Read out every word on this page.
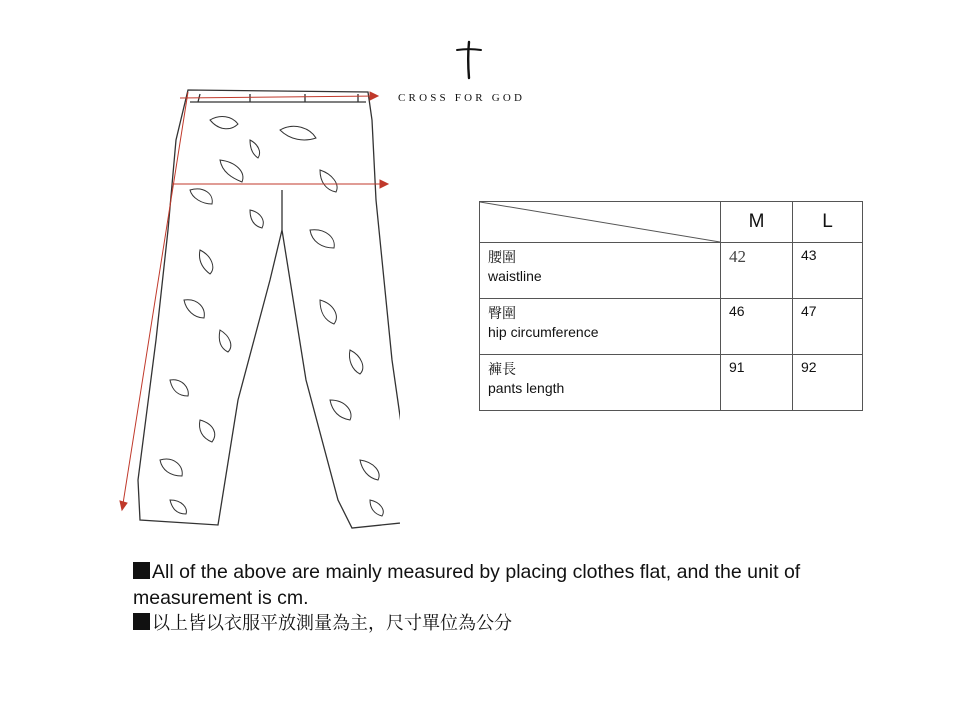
CROSS FOR GOD
	M	L

腰圍
waistline	42	43

臀圍
hip circumference	46	47

褲長
pants length	91	92

All of the above are mainly measured by placing clothes flat, and the unit of measurement is cm.

以上皆以衣服平放測量為主，尺寸單位為公分
